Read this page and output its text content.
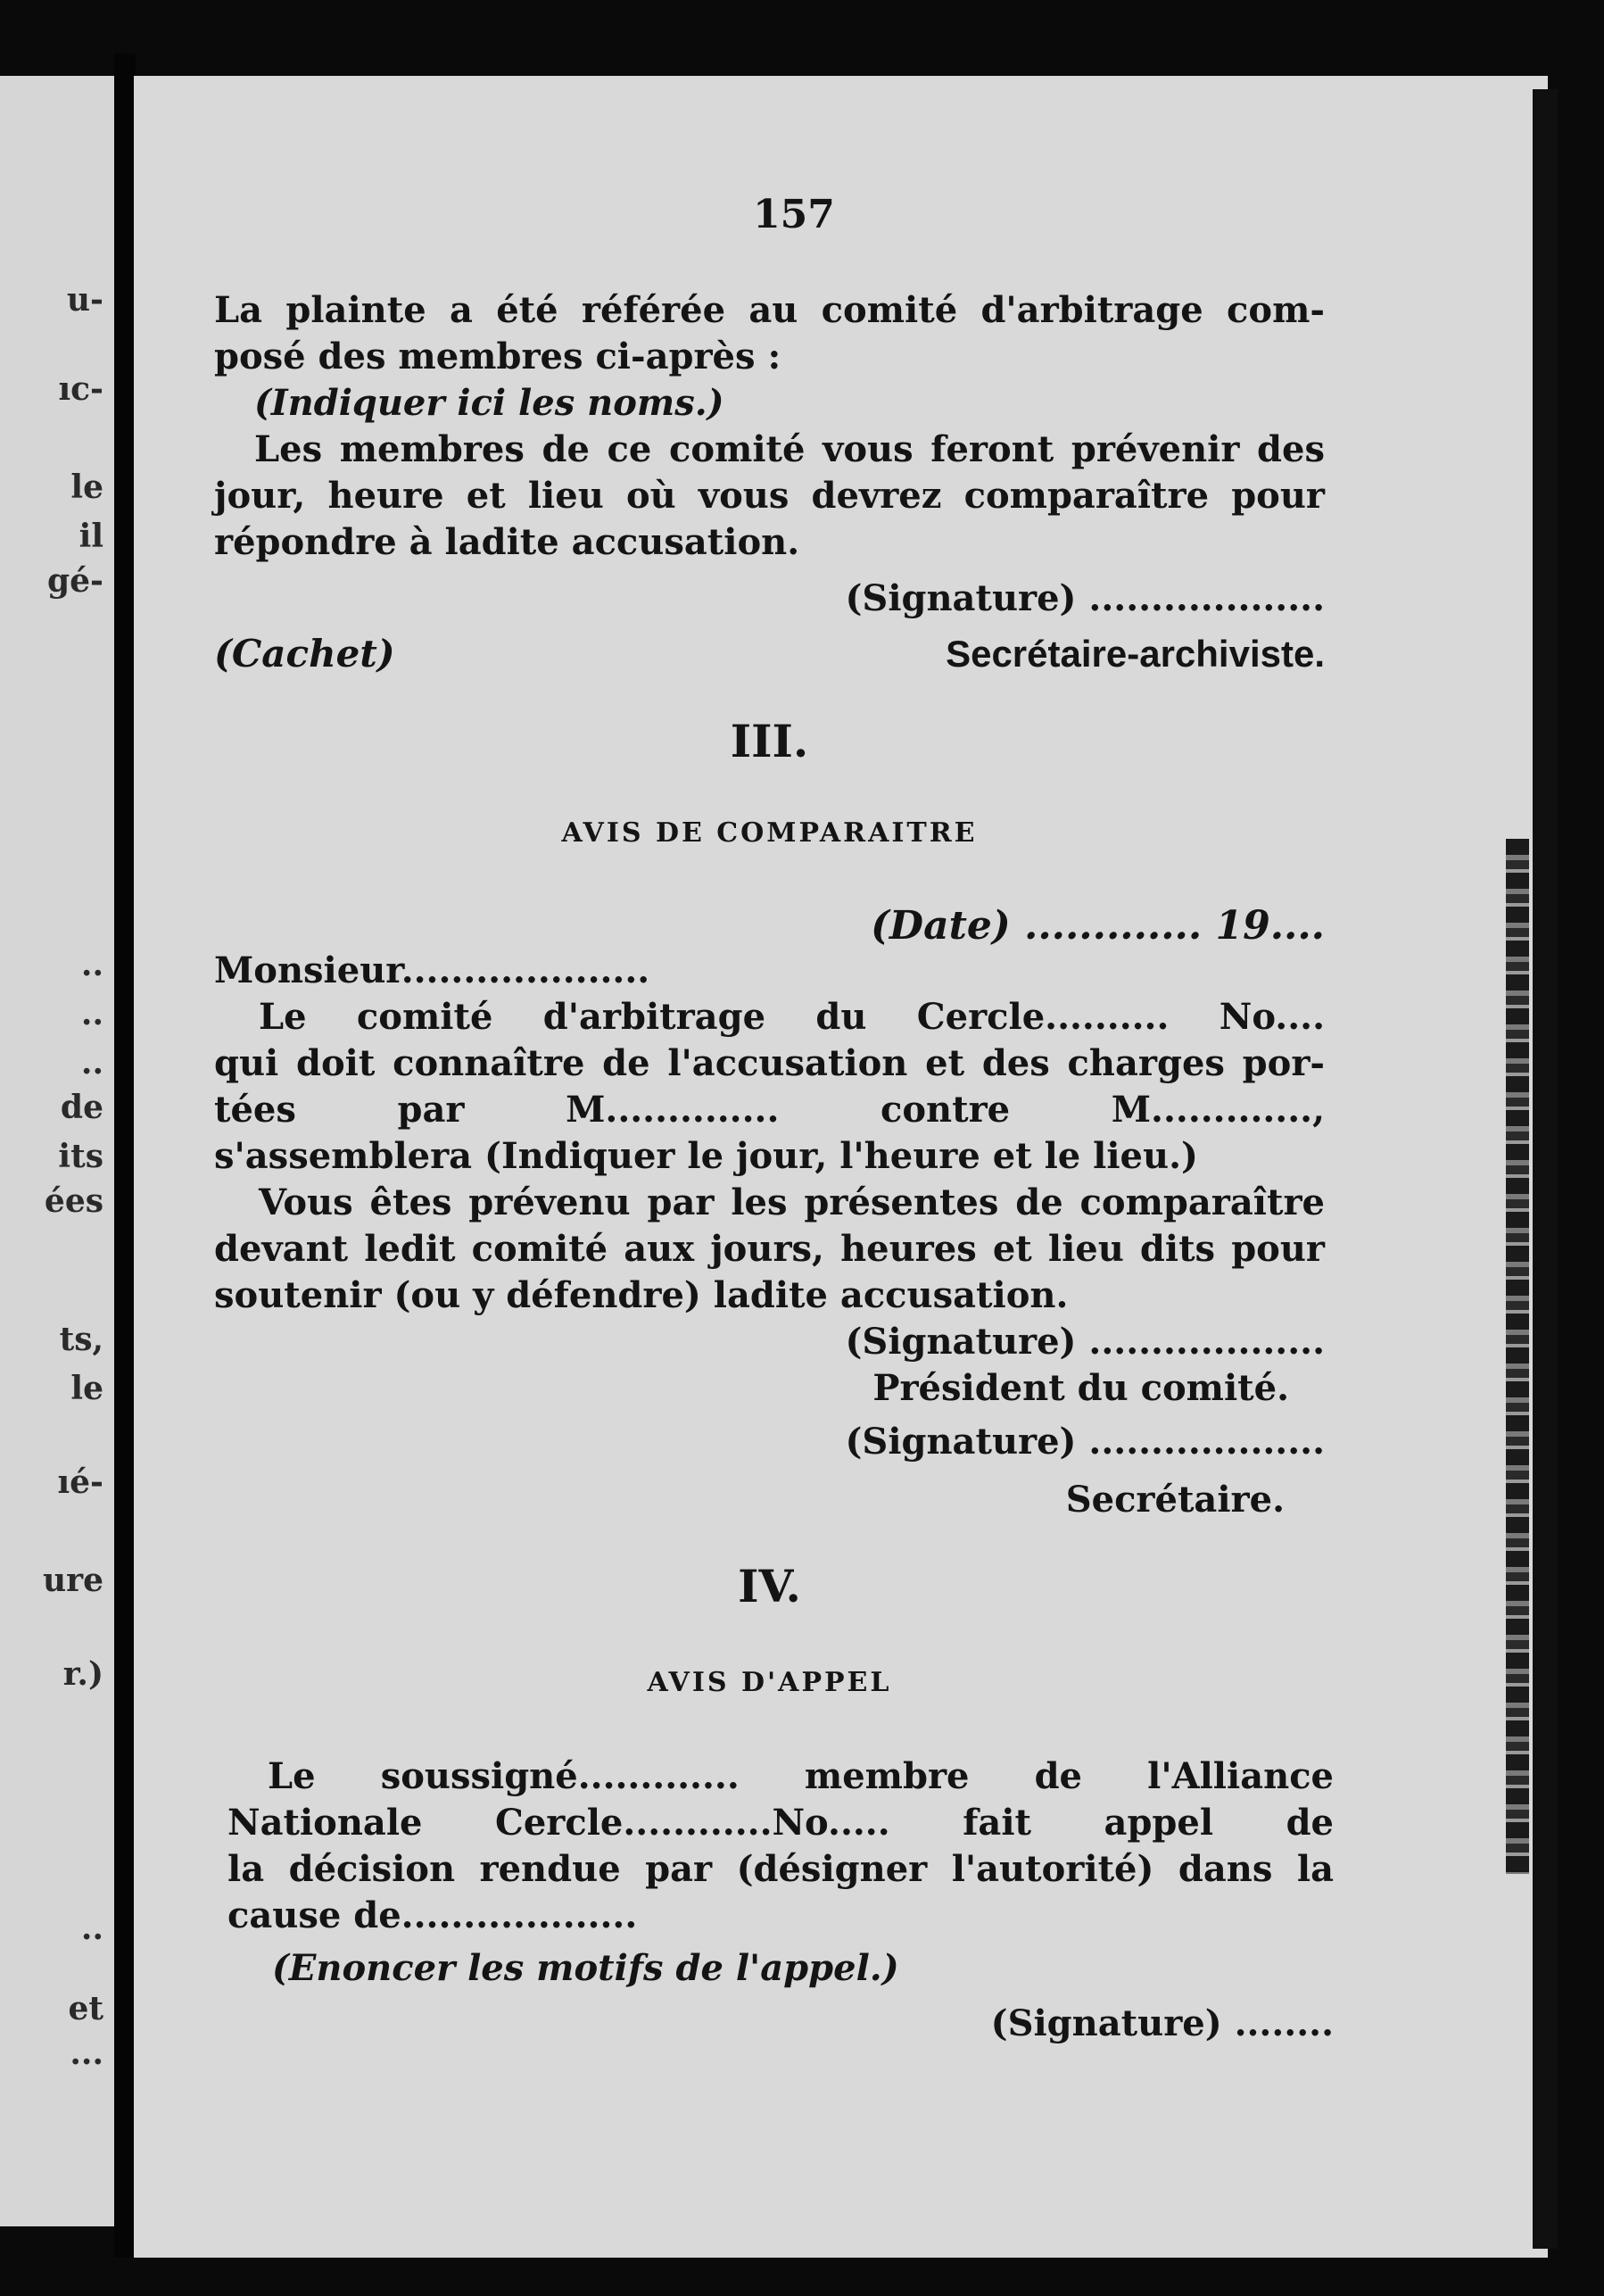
u-
ıc-
le
il
gé-
..
..
..
de
its
ées
ts,
le
ıé-
ure
r.)
..
et
...
157
La plainte a été référée au comité d'arbitrage com-
posé des membres ci-après :
(Indiquer ici les noms.)
Les membres de ce comité vous feront prévenir des
jour, heure et lieu où vous devrez comparaître pour
répondre à ladite accusation.
(Signature) ...................
(Cachet)	Secrétaire-archiviste.
III.
AVIS DE COMPARAITRE
(Date) ............. 19....
Monsieur....................
Le comité d'arbitrage du Cercle.......... No....
qui doit connaître de l'accusation et des charges por-
tées par M.............. contre M.............,
s'assemblera (Indiquer le jour, l'heure et le lieu.)
Vous êtes prévenu par les présentes de comparaître
devant ledit comité aux jours, heures et lieu dits pour
soutenir (ou y défendre) ladite accusation.
(Signature) ...................
Président du comité.
(Signature) ...................
Secrétaire.
IV.
AVIS D'APPEL
Le soussigné............. membre de l'Alliance
Nationale Cercle............No..... fait appel de
la décision rendue par (désigner l'autorité) dans la
cause de...................
(Enoncer les motifs de l'appel.)
(Signature) ........
